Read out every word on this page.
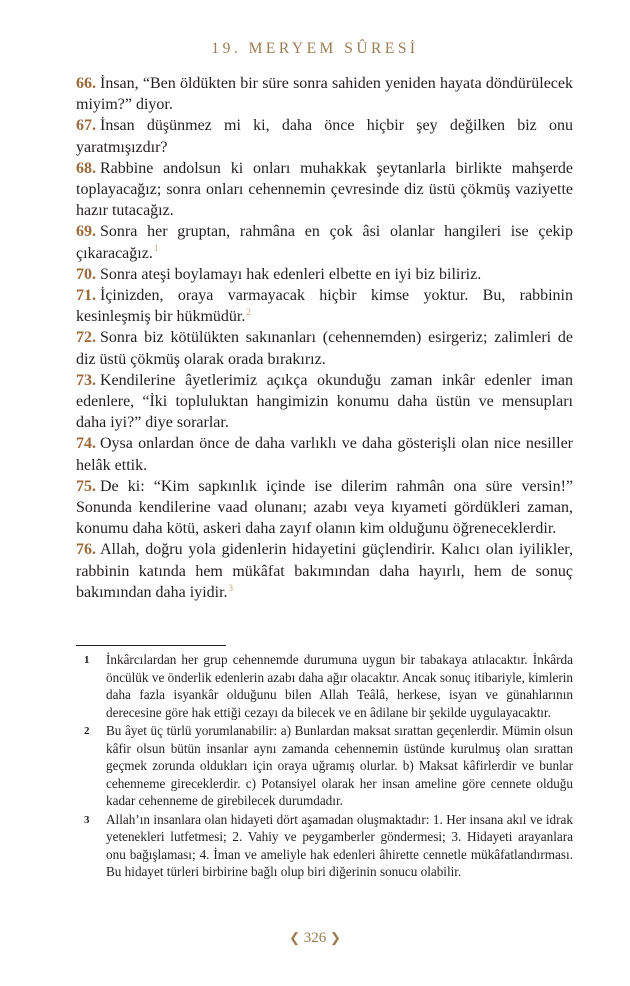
19. MERYEM SÛRESİ

66. İnsan, “Ben öldükten bir süre sonra sahiden yeniden hayata döndürülecek miyim?” diyor.

67. İnsan düşünmez mi ki, daha önce hiçbir şey değilken biz onu yaratmışızdır?

68. Rabbine andolsun ki onları muhakkak şeytanlarla birlikte mahşerde toplayacağız; sonra onları cehennemin çevresinde diz üstü çökmüş vaziyette hazır tutacağız.

69. Sonra her gruptan, rahmâna en çok âsi olanlar hangileri ise çekip çıkaracağız.$^1$

70. Sonra ateşi boylamayı hak edenleri elbette en iyi biz biliriz.

71. İçinizden, oraya varmayacak hiçbir kimse yoktur. Bu, rabbinin kesinleşmiş bir hükmüdür.$^2$

72. Sonra biz kötülükten sakınanları (cehennemden) esirgeriz; zalimleri de diz üstü çökmüş olarak orada bırakırız.

73. Kendilerine âyetlerimiz açıkça okunduğu zaman inkâr edenler iman edenlere, “İki topluluktan hangimizin konumu daha üstün ve mensupları daha iyi?” diye sorarlar.

74. Oysa onlardan önce de daha varlıklı ve daha gösterişli olan nice nesiller helâk ettik.

75. De ki: “Kim sapkınlık içinde ise dilerim rahmân ona süre versin!” Sonunda kendilerine vaad olunanı; azabı veya kıyameti gördükleri zaman, konumu daha kötü, askeri daha zayıf olanın kim olduğunu öğreneceklerdir.

76. Allah, doğru yola gidenlerin hidayetini güçlendirir. Kalıcı olan iyilikler, rabbinin katında hem mükâfat bakımından daha hayırlı, hem de sonuç bakımından daha iyidir.$^3$

1	İnkârcılardan her grup cehennemde durumuna uygun bir tabakaya atılacaktır. İnkârda öncülük ve önderlik edenlerin azabı daha ağır olacaktır. Ancak sonuç itibariyle, kimlerin daha fazla isyankâr olduğunu bilen Allah Teâlâ, herkese, isyan ve günahlarının derecesine göre hak ettiği cezayı da bilecek ve en âdilane bir şekilde uygulayacaktır.
2	Bu âyet üç türlü yorumlanabilir: a) Bunlardan maksat sırattan geçenlerdir. Mümin olsun kâfir olsun bütün insanlar aynı zamanda cehennemin üstünde kurulmuş olan sırattan geçmek zorunda oldukları için oraya uğramış olurlar. b) Maksat kâfirlerdir ve bunlar cehenneme gireceklerdir. c) Potansiyel olarak her insan ameline göre cennete olduğu kadar cehenneme de girebilecek durumdadır.
3	Allah’ın insanlara olan hidayeti dört aşamadan oluşmaktadır: 1. Her insana akıl ve idrak yetenekleri lutfetmesi; 2. Vahiy ve peygamberler göndermesi; 3. Hidayeti arayanlara onu bağışlaması; 4. İman ve ameliyle hak edenleri âhirette cennetle mükâfatlandırması. Bu hidayet türleri birbirine bağlı olup biri diğerinin sonucu olabilir.
❮ 326 ❯
